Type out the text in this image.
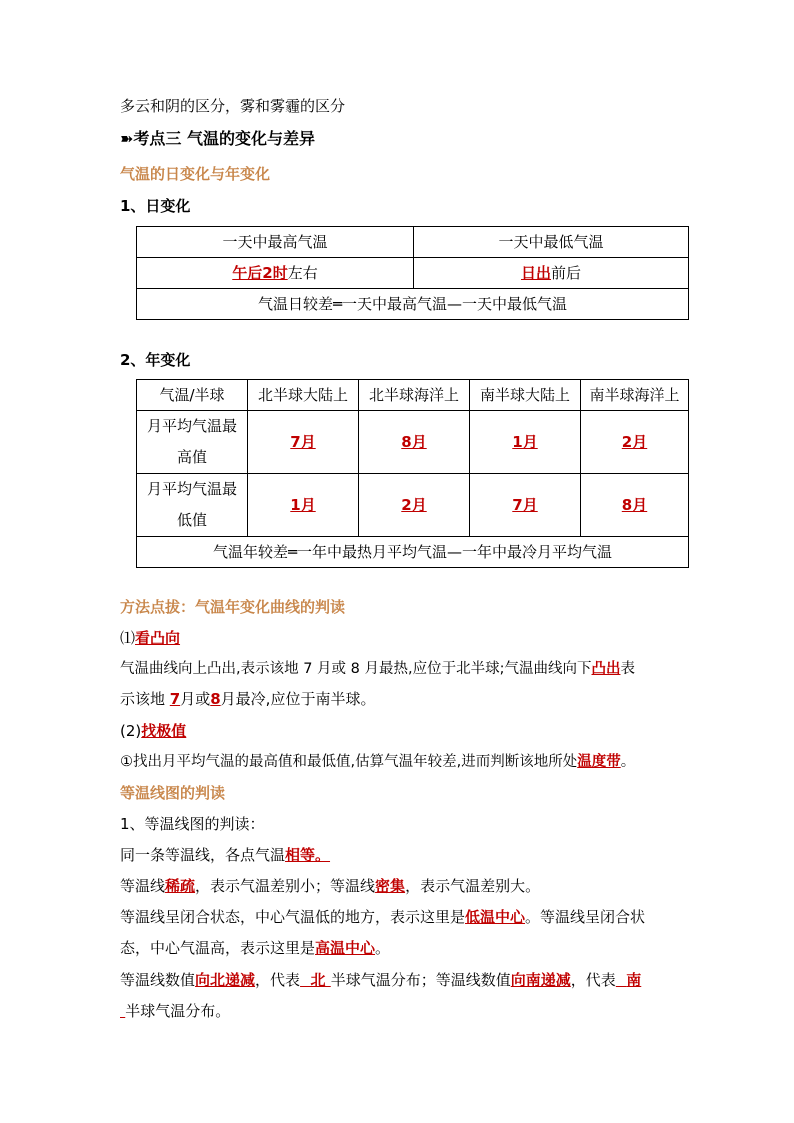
多云和阴的区分，雾和雾霾的区分
➽考点三 气温的变化与差异
气温的日变化与年变化
1、日变化
一天中最高气温	一天中最低气温
午后2时左右	日出前后
气温日较差═一天中最高气温—一天中最低气温	
2、年变化
气温/半球	北半球大陆上	北半球海洋上	南半球大陆上	南半球海洋上
月平均气温最
高值	7月	8月	1月	2月
月平均气温最
低值	1月	2月	7月	8月
气温年较差═一年中最热月平均气温—一年中最冷月平均气温				
方法点拔：气温年变化曲线的判读
⑴看凸向
气温曲线向上凸出,表示该地 7 月或 8 月最热,应位于北半球;气温曲线向下凸出表
示该地 7月或8月最冷,应位于南半球。
(2)找极值
①找出月平均气温的最高值和最低值,估算气温年较差,进而判断该地所处温度带。
等温线图的判读
1、等温线图的判读：
同一条等温线，各点气温相等。
等温线稀疏，表示气温差别小；等温线密集，表示气温差别大。
等温线呈闭合状态，中心气温低的地方，表示这里是低温中心。等温线呈闭合状
态，中心气温高，表示这里是高温中心。
等温线数值向北递减，代表 北 半球气温分布；等温线数值向南递减，代表 南
半球气温分布。
